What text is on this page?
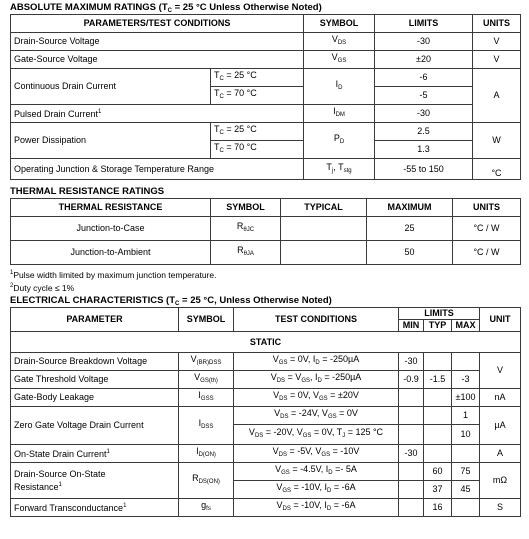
ABSOLUTE MAXIMUM RATINGS ($T_C = 25$ °C Unless Otherwise Noted)
PARAMETERS/TEST CONDITIONS		SYMBOL	LIMITS	UNITS
Drain-Source Voltage		$V_{DS}$	-30	V
Gate-Source Voltage		$V_{GS}$	±20	V
Continuous Drain Current	$T_C = 25$ °C	$I_D$	-6	A
	$T_C = 70$ °C		-5	
Pulsed Drain Current$^1$		$I_{DM}$	-30	
Power Dissipation	$T_C = 25$ °C	$P_D$	2.5	W
	$T_C = 70$ °C		1.3	
Operating Junction & Storage Temperature Range		$T_j$, $T_{stg}$	-55 to 150	°C
THERMAL RESISTANCE RATINGS
THERMAL RESISTANCE	SYMBOL	TYPICAL	MAXIMUM	UNITS
Junction-to-Case	$R_{\theta JC}$		25	°C / W
Junction-to-Ambient	$R_{\theta JA}$		50	°C / W
$^1$Pulse width limited by maximum junction temperature.
$^2$Duty cycle ≤ 1%
ELECTRICAL CHARACTERISTICS ($T_C = 25$ °C, Unless Otherwise Noted)
PARAMETER	SYMBOL	TEST CONDITIONS	LIMITS			UNIT
			MIN	TYP	MAX	
STATIC						
Drain-Source Breakdown Voltage	$V_{(BR)DSS}$	$V_{GS} = 0V$, $I_D = -250\mu A$	-30			V
Gate Threshold Voltage	$V_{GS(th)}$	$V_{DS} = V_{GS}$, $I_D = -250\mu A$	-0.9	-1.5	-3	
Gate-Body Leakage	$I_{GSS}$	$V_{DS} = 0V$, $V_{GS} = \pm 20V$			±100	nA
Zero Gate Voltage Drain Current	$I_{DSS}$	$V_{DS} = -24V$, $V_{GS} = 0V$			1	µA
		$V_{DS} = -20V$, $V_{GS} = 0V$, $T_J = 125$ °C			10	
On-State Drain Current$^1$	$I_{D(ON)}$	$V_{DS} = -5V$, $V_{GS} = -10V$	-30			A
Drain-Source On-State
Resistance$^1$	$R_{DS(ON)}$	$V_{GS} = -4.5V$, $I_D =- 5A$		60	75	mΩ
		$V_{GS} = -10V$, $I_D = -6A$		37	45	
Forward Transconductance$^1$	$g_{fs}$	$V_{DS} = -10V$, $I_D = -6A$		16		S
